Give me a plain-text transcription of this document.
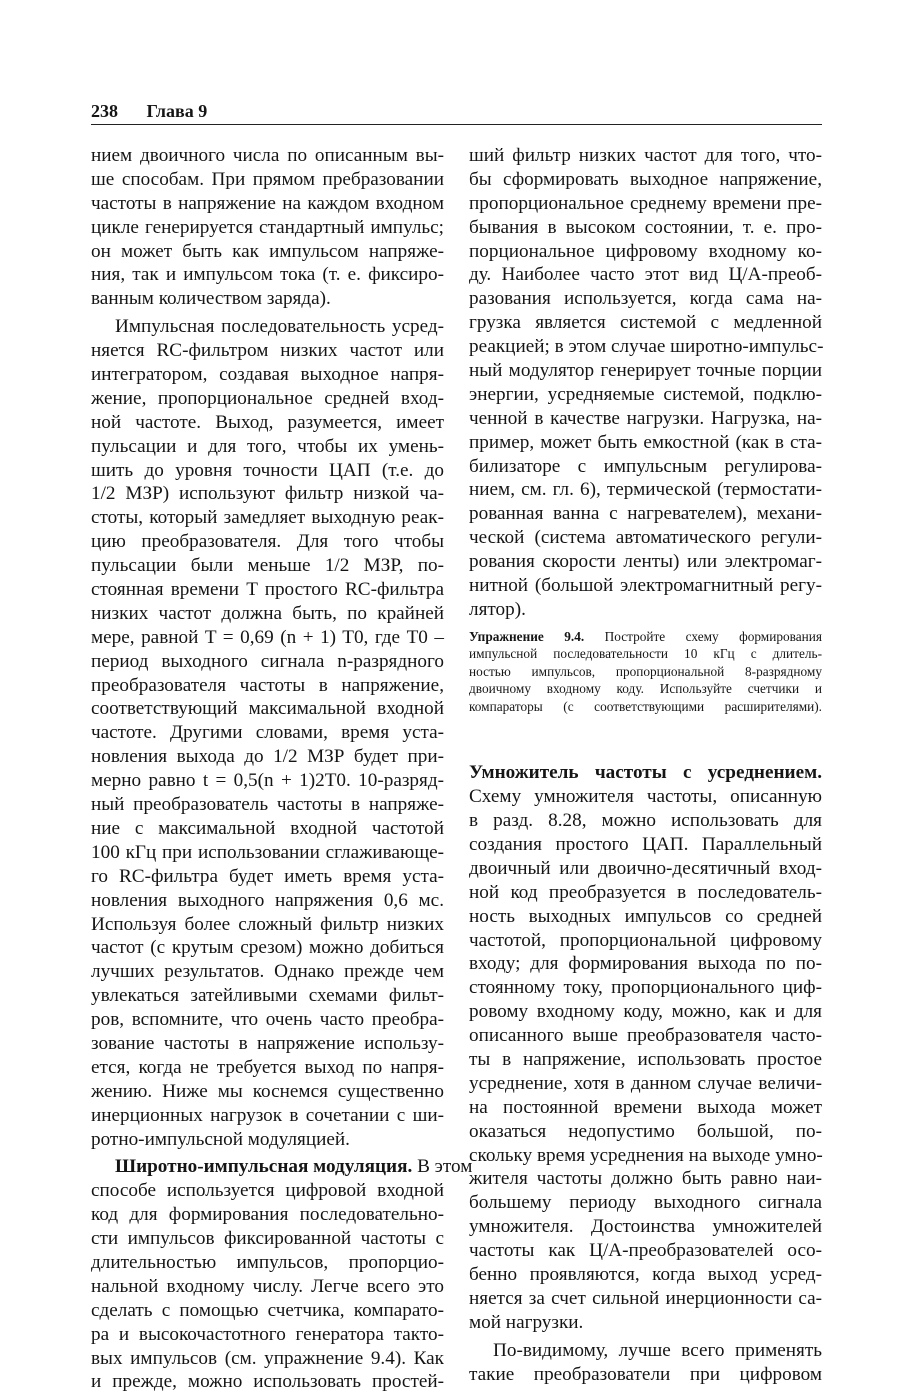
238 Глава 9
нием двоичного числа по описанным вы-
ше способам. При прямом пребразовании
частоты в напряжение на каждом входном
цикле генерируется стандартный импульс;
он может быть как импульсом напряже-
ния, так и импульсом тока (т. е. фиксиро-
ванным количеством заряда).
Импульсная последовательность усред-
няется RC-фильтром низких частот или
интегратором, создавая выходное напря-
жение, пропорциональное средней вход-
ной частоте. Выход, разумеется, имеет
пульсации и для того, чтобы их умень-
шить до уровня точности ЦАП (т.е. до
1/2 МЗР) используют фильтр низкой ча-
стоты, который замедляет выходную реак-
цию преобразователя. Для того чтобы
пульсации были меньше 1/2 МЗР, по-
стоянная времени T простого RC-фильтра
низких частот должна быть, по крайней
мере, равной T = 0,69 (n + 1) T0, где T0 –
период выходного сигнала n-разрядного
преобразователя частоты в напряжение,
соответствующий максимальной входной
частоте. Другими словами, время уста-
новления выхода до 1/2 МЗР будет при-
мерно равно t = 0,5(n + 1)2T0. 10-разряд-
ный преобразователь частоты в напряже-
ние с максимальной входной частотой
100 кГц при использовании сглаживающе-
го RC-фильтра будет иметь время уста-
новления выходного напряжения 0,6 мс.
Используя более сложный фильтр низких
частот (с крутым срезом) можно добиться
лучших результатов. Однако прежде чем
увлекаться затейливыми схемами фильт-
ров, вспомните, что очень часто преобра-
зование частоты в напряжение использу-
ется, когда не требуется выход по напря-
жению. Ниже мы коснемся существенно
инерционных нагрузок в сочетании с ши-
ротно-импульсной модуляцией.
Широтно-импульсная модуляция. В этом
способе используется цифровой входной
код для формирования последовательно-
сти импульсов фиксированной частоты с
длительностью импульсов, пропорцио-
нальной входному числу. Легче всего это
сделать с помощью счетчика, компарато-
ра и высокочастотного генератора такто-
вых импульсов (см. упражнение 9.4). Как
и прежде, можно использовать простей-
ший фильтр низких частот для того, что-
бы сформировать выходное напряжение,
пропорциональное среднему времени пре-
бывания в высоком состоянии, т. е. про-
порциональное цифровому входному ко-
ду. Наиболее часто этот вид Ц/А-преоб-
разования используется, когда сама на-
грузка является системой с медленной
реакцией; в этом случае широтно-импульс-
ный модулятор генерирует точные порции
энергии, усредняемые системой, подклю-
ченной в качестве нагрузки. Нагрузка, на-
пример, может быть емкостной (как в ста-
билизаторе с импульсным регулирова-
нием, см. гл. 6), термической (термостати-
рованная ванна с нагревателем), механи-
ческой (система автоматического регули-
рования скорости ленты) или электромаг-
нитной (большой электромагнитный регу-
лятор).
Упражнение 9.4. Постройте схему формирования
импульсной последовательности 10 кГц с длитель-
ностью импульсов, пропорциональной 8-разрядному
двоичному входному коду. Используйте счетчики и
компараторы (с соответствующими расширителями).
Умножитель частоты с усреднением.
Схему умножителя частоты, описанную
в разд. 8.28, можно использовать для
создания простого ЦАП. Параллельный
двоичный или двоично-десятичный вход-
ной код преобразуется в последователь-
ность выходных импульсов со средней
частотой, пропорциональной цифровому
входу; для формирования выхода по по-
стоянному току, пропорционального циф-
ровому входному коду, можно, как и для
описанного выше преобразователя часто-
ты в напряжение, использовать простое
усреднение, хотя в данном случае величи-
на постоянной времени выхода может
оказаться недопустимо большой, по-
скольку время усреднения на выходе умно-
жителя частоты должно быть равно наи-
большему периоду выходного сигнала
умножителя. Достоинства умножителей
частоты как Ц/А-преобразователей осо-
бенно проявляются, когда выход усред-
няется за счет сильной инерционности са-
мой нагрузки.
По-видимому, лучше всего применять
такие преобразователи при цифровом
